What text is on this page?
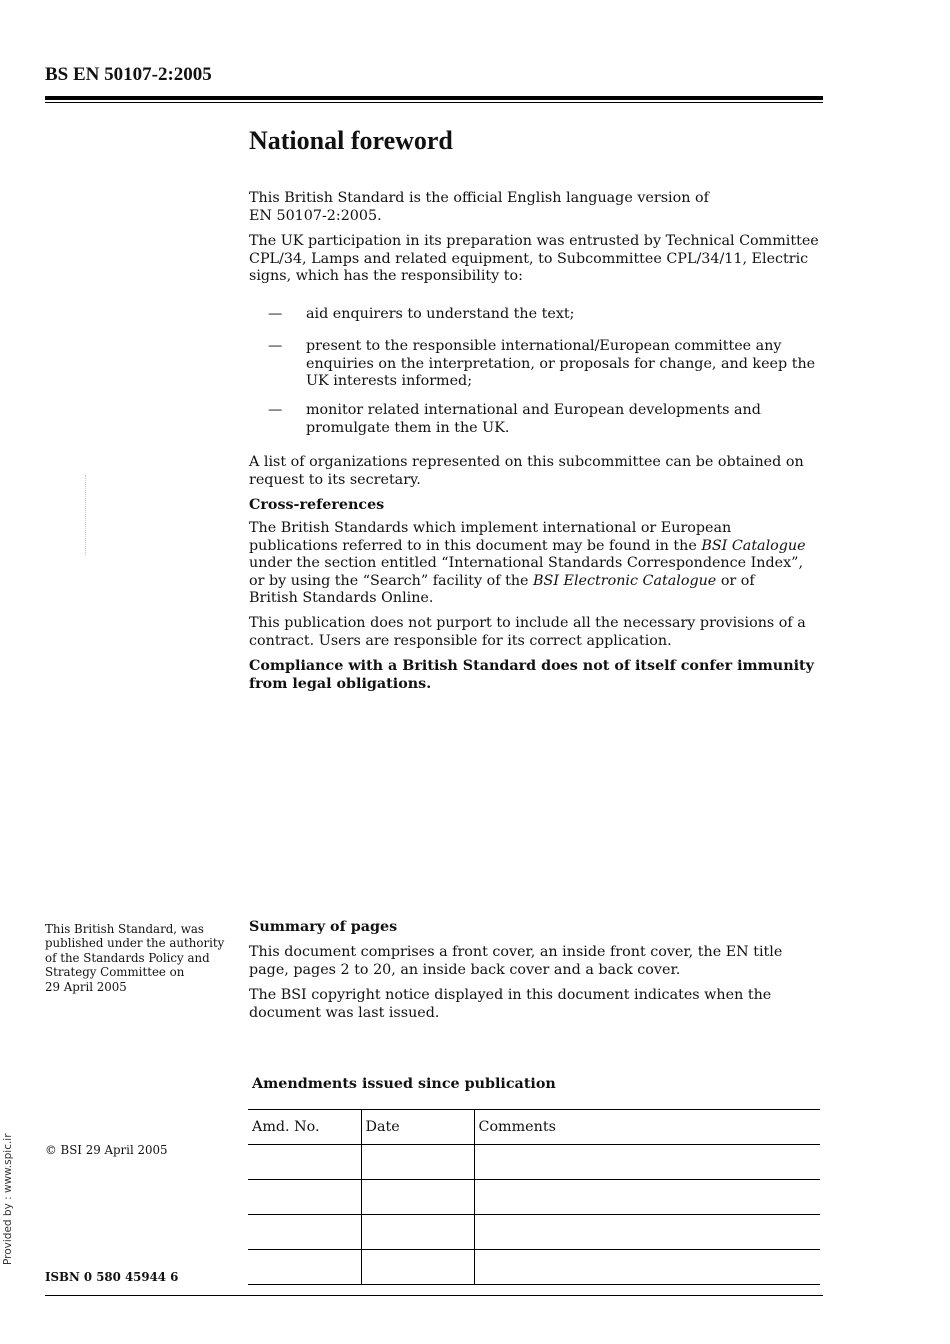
BS EN 50107-2:2005
National foreword
This British Standard is the official English language version of
EN 50107-2:2005.
The UK participation in its preparation was entrusted by Technical Committee CPL/34, Lamps and related equipment, to Subcommittee CPL/34/11, Electric signs, which has the responsibility to:
— aid enquirers to understand the text;
— present to the responsible international/European committee any enquiries on the interpretation, or proposals for change, and keep the UK interests informed;
— monitor related international and European developments and promulgate them in the UK.
A list of organizations represented on this subcommittee can be obtained on request to its secretary.
Cross-references
The British Standards which implement international or European publications referred to in this document may be found in the BSI Catalogue under the section entitled “International Standards Correspondence Index”, or by using the “Search” facility of the BSI Electronic Catalogue or of
British Standards Online.
This publication does not purport to include all the necessary provisions of a contract. Users are responsible for its correct application.
Compliance with a British Standard does not of itself confer immunity from legal obligations.
This British Standard, was
published under the authority
of the Standards Policy and
Strategy Committee on
29 April 2005
Summary of pages
This document comprises a front cover, an inside front cover, the EN title page, pages 2 to 20, an inside back cover and a back cover.
The BSI copyright notice displayed in this document indicates when the document was last issued.
Amendments issued since publication
Amd. No.	Date	Comments

© BSI 29 April 2005
ISBN 0 580 45944 6
Provided by : www.spic.ir
